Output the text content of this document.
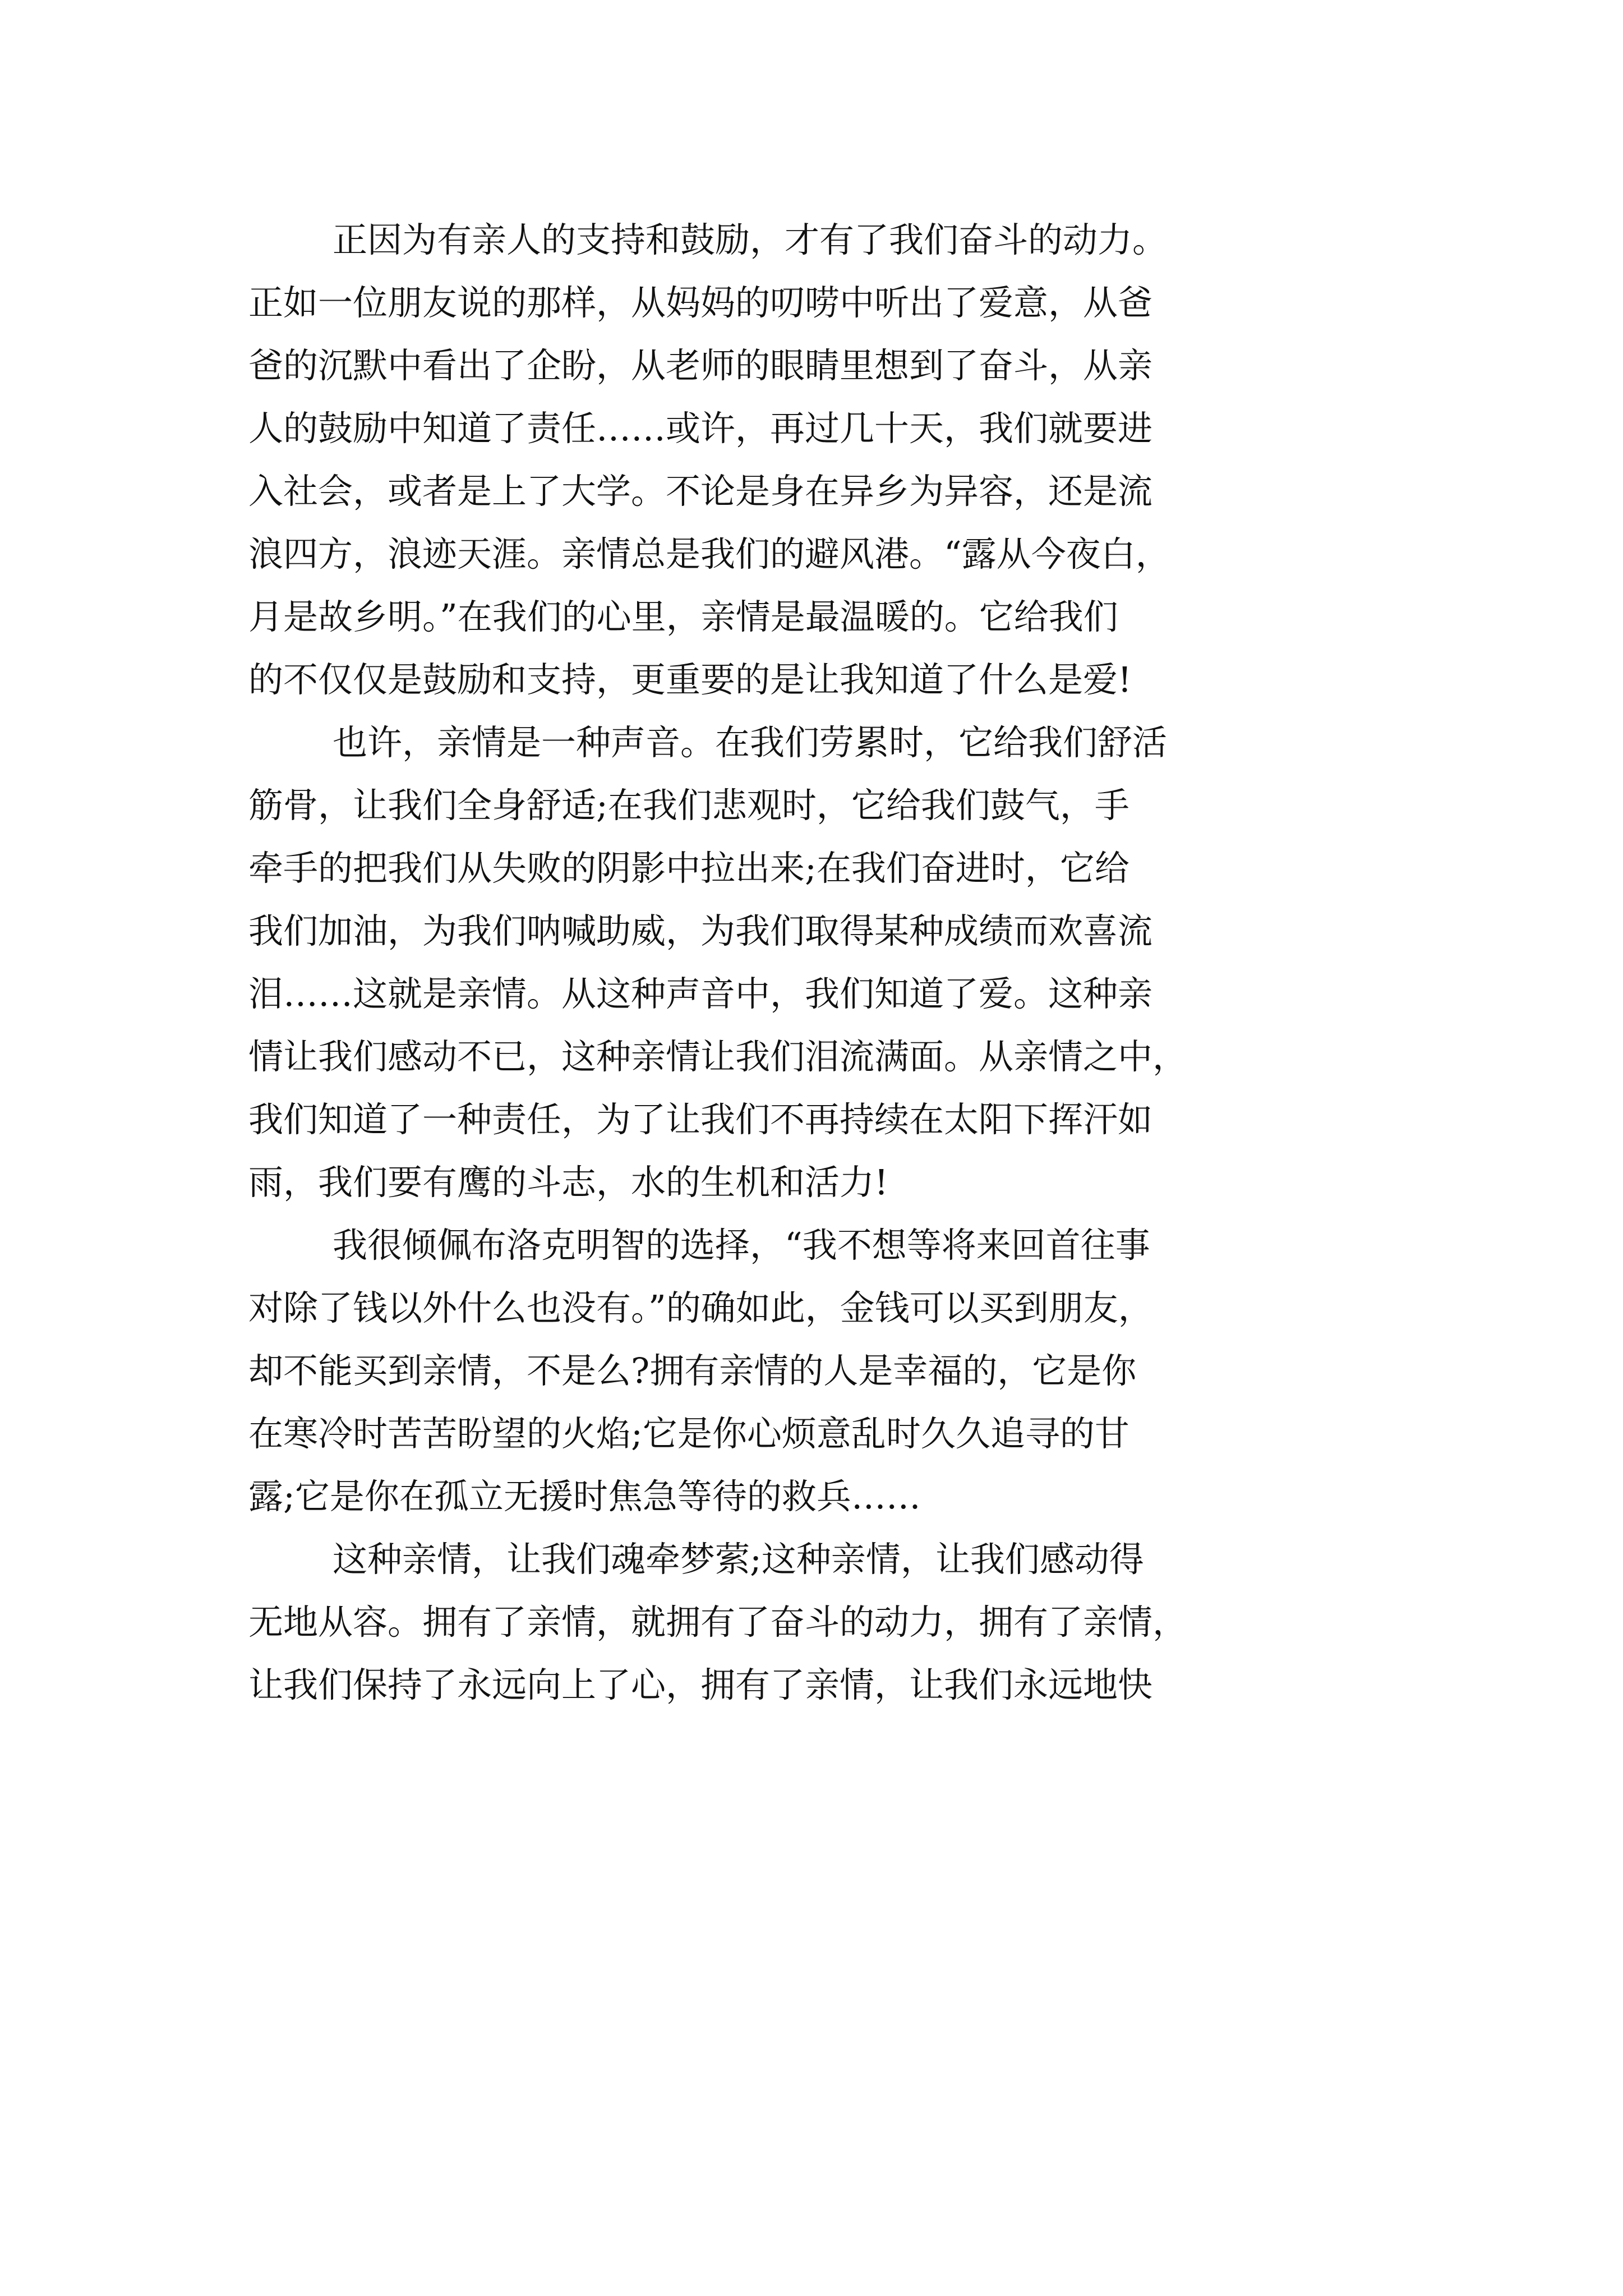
正因为有亲人的支持和鼓励，才有了我们奋斗的动力。
正如一位朋友说的那样，从妈妈的叨唠中听出了爱意，从爸
爸的沉默中看出了企盼，从老师的眼睛里想到了奋斗，从亲
人的鼓励中知道了责任……或许，再过几十天，我们就要进
入社会，或者是上了大学。不论是身在异乡为异容，还是流
浪四方，浪迹天涯。亲情总是我们的避风港。“露从今夜白，
月是故乡明。”在我们的心里，亲情是最温暖的。它给我们
的不仅仅是鼓励和支持，更重要的是让我知道了什么是爱!
也许，亲情是一种声音。在我们劳累时，它给我们舒活
筋骨，让我们全身舒适;在我们悲观时，它给我们鼓气，手
牵手的把我们从失败的阴影中拉出来;在我们奋进时，它给
我们加油，为我们呐喊助威，为我们取得某种成绩而欢喜流
泪……这就是亲情。从这种声音中，我们知道了爱。这种亲
情让我们感动不已，这种亲情让我们泪流满面。从亲情之中，
我们知道了一种责任，为了让我们不再持续在太阳下挥汗如
雨，我们要有鹰的斗志，水的生机和活力!
我很倾佩布洛克明智的选择，“我不想等将来回首往事
对除了钱以外什么也没有。”的确如此，金钱可以买到朋友，
却不能买到亲情，不是么?拥有亲情的人是幸福的，它是你
在寒冷时苦苦盼望的火焰;它是你心烦意乱时久久追寻的甘
露;它是你在孤立无援时焦急等待的救兵……
这种亲情，让我们魂牵梦萦;这种亲情，让我们感动得
无地从容。拥有了亲情，就拥有了奋斗的动力，拥有了亲情，
让我们保持了永远向上了心，拥有了亲情，让我们永远地快
